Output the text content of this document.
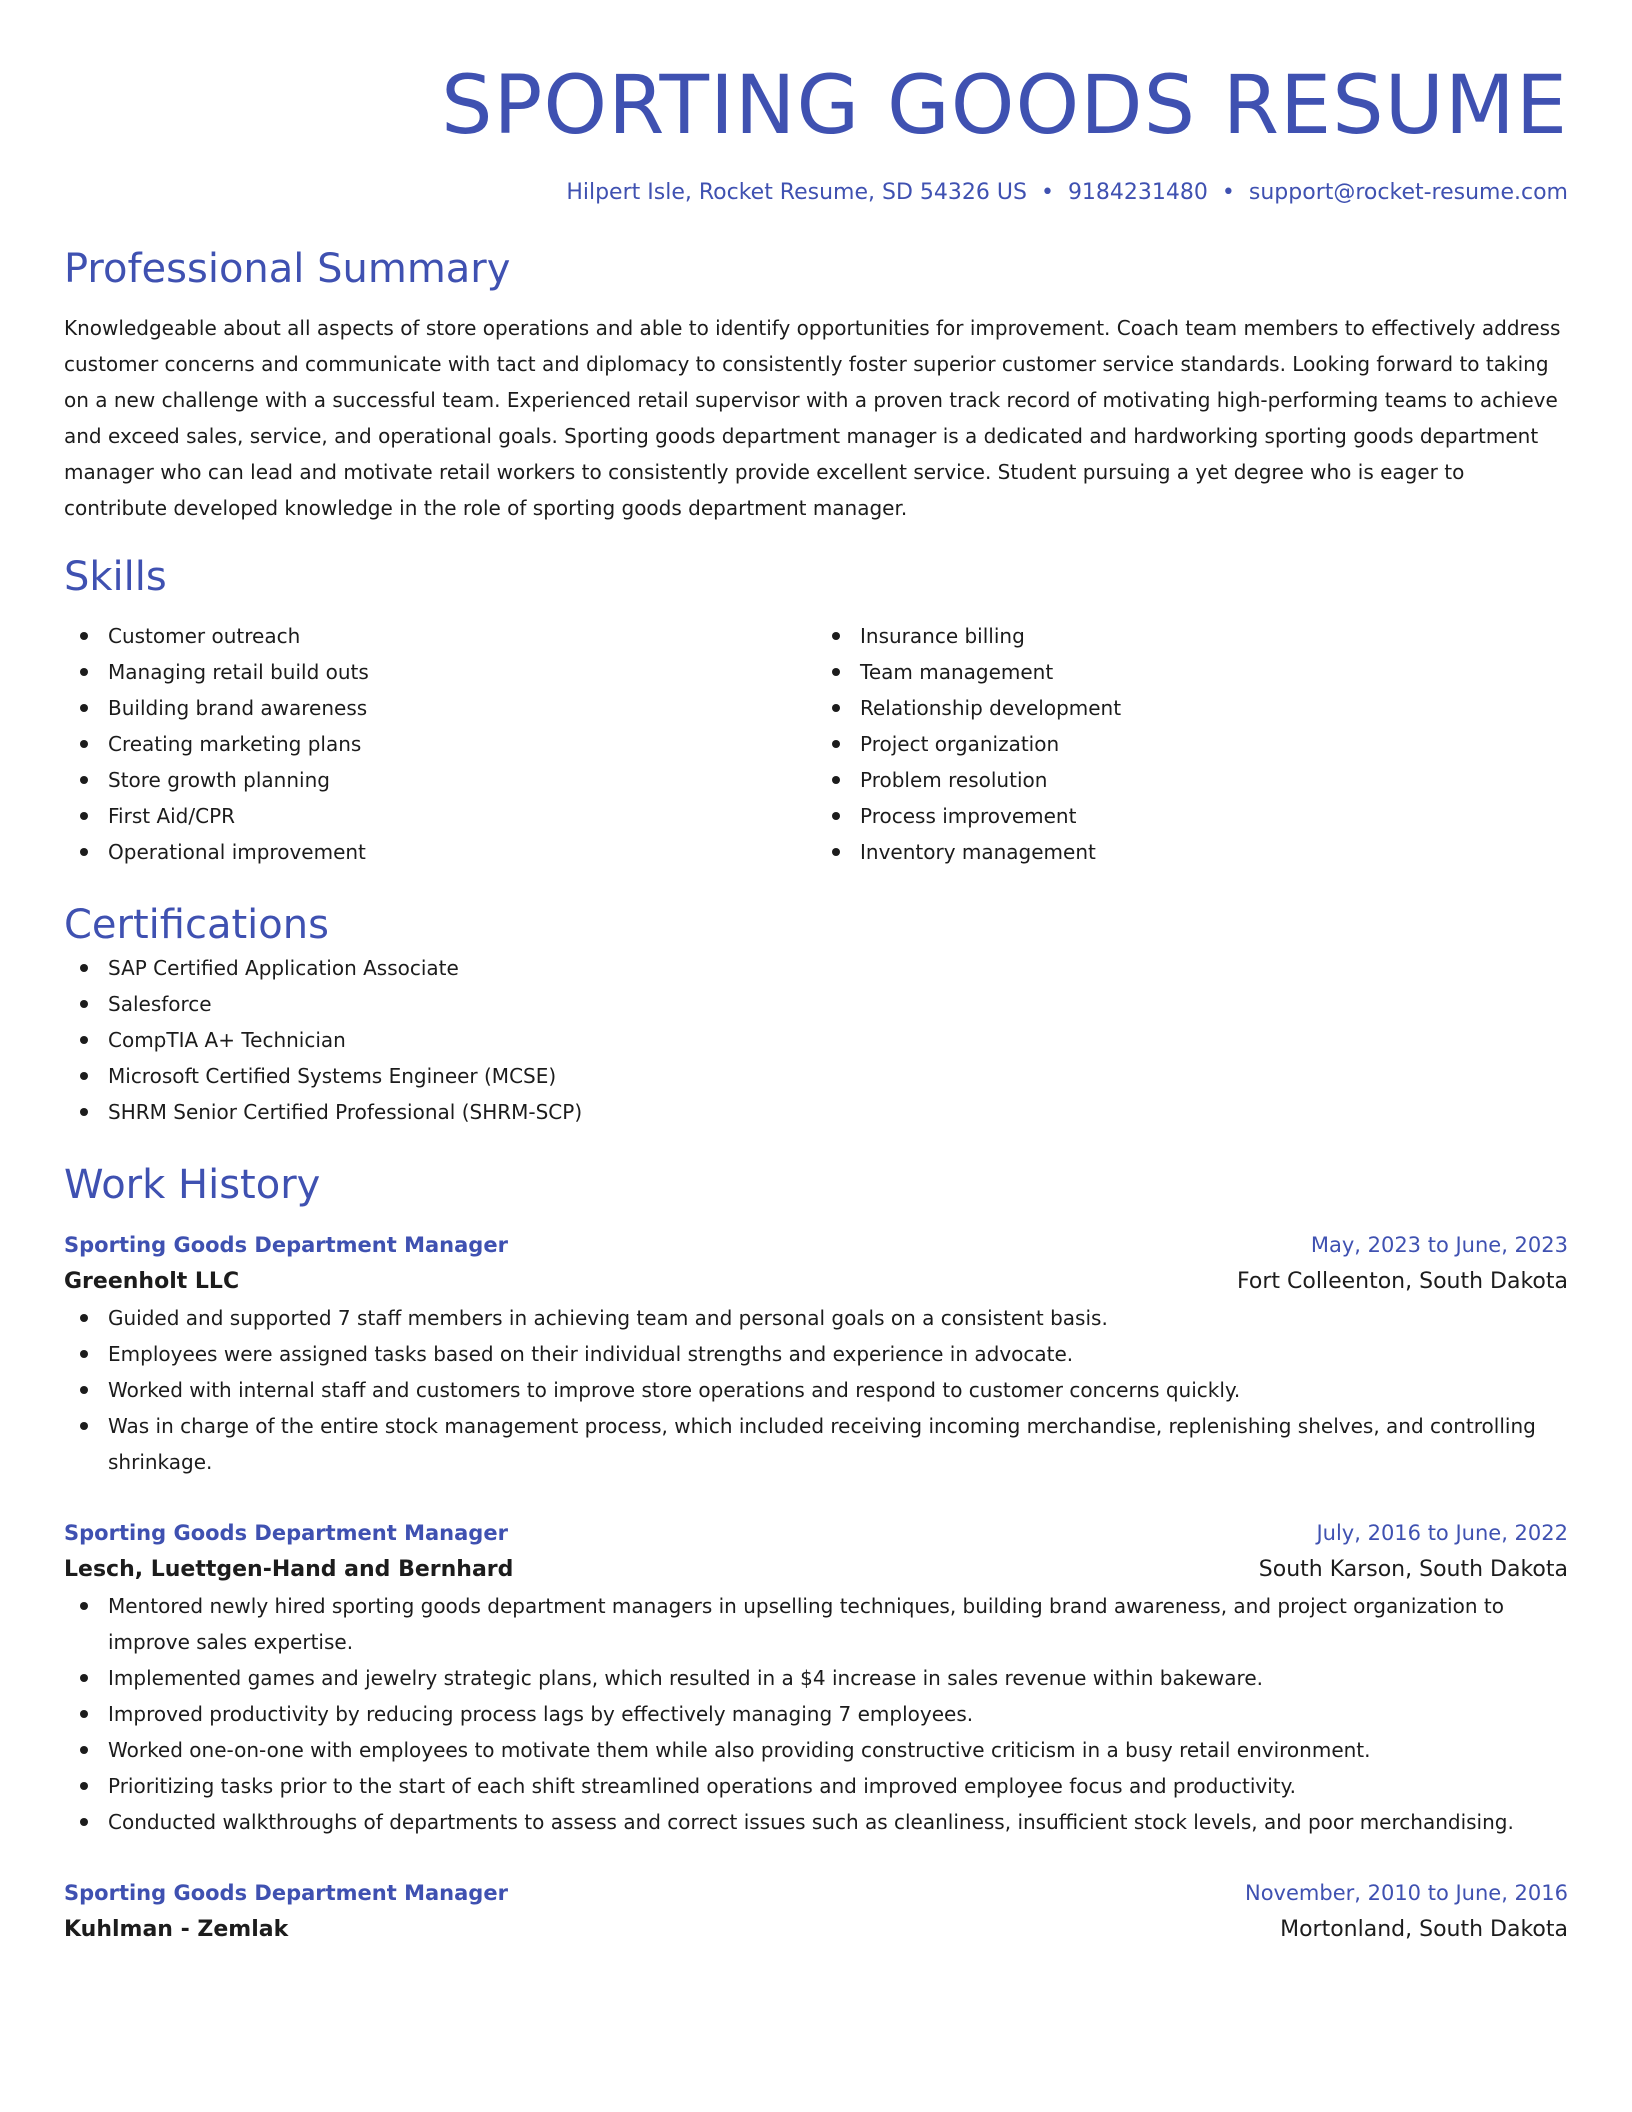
SPORTING GOODS RESUME
Hilpert Isle, Rocket Resume, SD 54326 US • 9184231480 • support@rocket-resume.com
Professional Summary
Knowledgeable about all aspects of store operations and able to identify opportunities for improvement. Coach team members to effectively address customer concerns and communicate with tact and diplomacy to consistently foster superior customer service standards. Looking forward to taking on a new challenge with a successful team. Experienced retail supervisor with a proven track record of motivating high-performing teams to achieve and exceed sales, service, and operational goals. Sporting goods department manager is a dedicated and hardworking sporting goods department manager who can lead and motivate retail workers to consistently provide excellent service. Student pursuing a yet degree who is eager to contribute developed knowledge in the role of sporting goods department manager.
Skills
Customer outreach
Managing retail build outs
Building brand awareness
Creating marketing plans
Store growth planning
First Aid/CPR
Operational improvement
Insurance billing
Team management
Relationship development
Project organization
Problem resolution
Process improvement
Inventory management
Certifications
SAP Certified Application Associate
Salesforce
CompTIA A+ Technician
Microsoft Certified Systems Engineer (MCSE)
SHRM Senior Certified Professional (SHRM-SCP)
Work History
Sporting Goods Department Manager	May, 2023 to June, 2023
Greenholt LLC	Fort Colleenton, South Dakota
Guided and supported 7 staff members in achieving team and personal goals on a consistent basis.
Employees were assigned tasks based on their individual strengths and experience in advocate.
Worked with internal staff and customers to improve store operations and respond to customer concerns quickly.
Was in charge of the entire stock management process, which included receiving incoming merchandise, replenishing shelves, and controlling shrinkage.
Sporting Goods Department Manager	July, 2016 to June, 2022
Lesch, Luettgen-Hand and Bernhard	South Karson, South Dakota
Mentored newly hired sporting goods department managers in upselling techniques, building brand awareness, and project organization to improve sales expertise.
Implemented games and jewelry strategic plans, which resulted in a $4 increase in sales revenue within bakeware.
Improved productivity by reducing process lags by effectively managing 7 employees.
Worked one-on-one with employees to motivate them while also providing constructive criticism in a busy retail environment.
Prioritizing tasks prior to the start of each shift streamlined operations and improved employee focus and productivity.
Conducted walkthroughs of departments to assess and correct issues such as cleanliness, insufficient stock levels, and poor merchandising.
Sporting Goods Department Manager	November, 2010 to June, 2016
Kuhlman - Zemlak	Mortonland, South Dakota
